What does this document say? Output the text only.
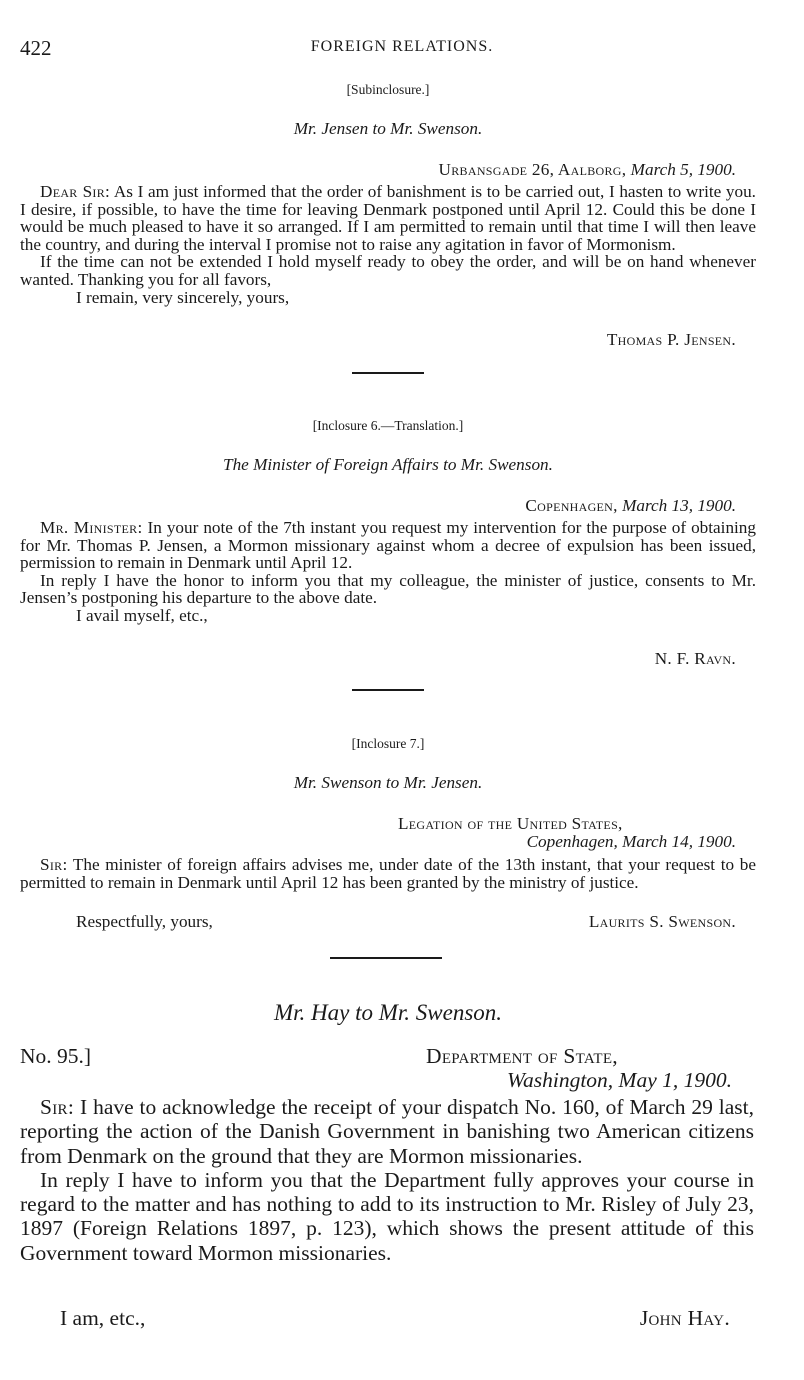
422	FOREIGN RELATIONS.
[Subinclosure.]
Mr. Jensen to Mr. Swenson.
Urbansgade 26, Aalborg, March 5, 1900.

Dear Sir: As I am just informed that the order of banishment is to be carried out, I hasten to write you. I desire, if possible, to have the time for leaving Denmark postponed until April 12. Could this be done I would be much pleased to have it so arranged. If I am permitted to remain until that time I will then leave the country, and during the interval I promise not to raise any agitation in favor of Mormonism.

If the time can not be extended I hold myself ready to obey the order, and will be on hand whenever wanted. Thanking you for all favors,

I remain, very sincerely, yours,

Thomas P. Jensen.
[Inclosure 6.—Translation.]
The Minister of Foreign Affairs to Mr. Swenson.
Copenhagen, March 13, 1900.

Mr. Minister: In your note of the 7th instant you request my intervention for the purpose of obtaining for Mr. Thomas P. Jensen, a Mormon missionary against whom a decree of expulsion has been issued, permission to remain in Denmark until April 12.

In reply I have the honor to inform you that my colleague, the minister of justice, consents to Mr. Jensen’s postponing his departure to the above date.

I avail myself, etc.,

N. F. Ravn.
[Inclosure 7.]
Mr. Swenson to Mr. Jensen.
Legation of the United States,
Copenhagen, March 14, 1900.

Sir: The minister of foreign affairs advises me, under date of the 13th instant, that your request to be permitted to remain in Denmark until April 12 has been granted by the ministry of justice.

Respectfully, yours,	Laurits S. Swenson.
Mr. Hay to Mr. Swenson.
No. 95.]	Department of State,
Washington, May 1, 1900.

Sir: I have to acknowledge the receipt of your dispatch No. 160, of March 29 last, reporting the action of the Danish Government in banishing two American citizens from Denmark on the ground that they are Mormon missionaries.

In reply I have to inform you that the Department fully approves your course in regard to the matter and has nothing to add to its instruction to Mr. Risley of July 23, 1897 (Foreign Relations 1897, p. 123), which shows the present attitude of this Government toward Mormon missionaries.

I am, etc.,	John Hay.
